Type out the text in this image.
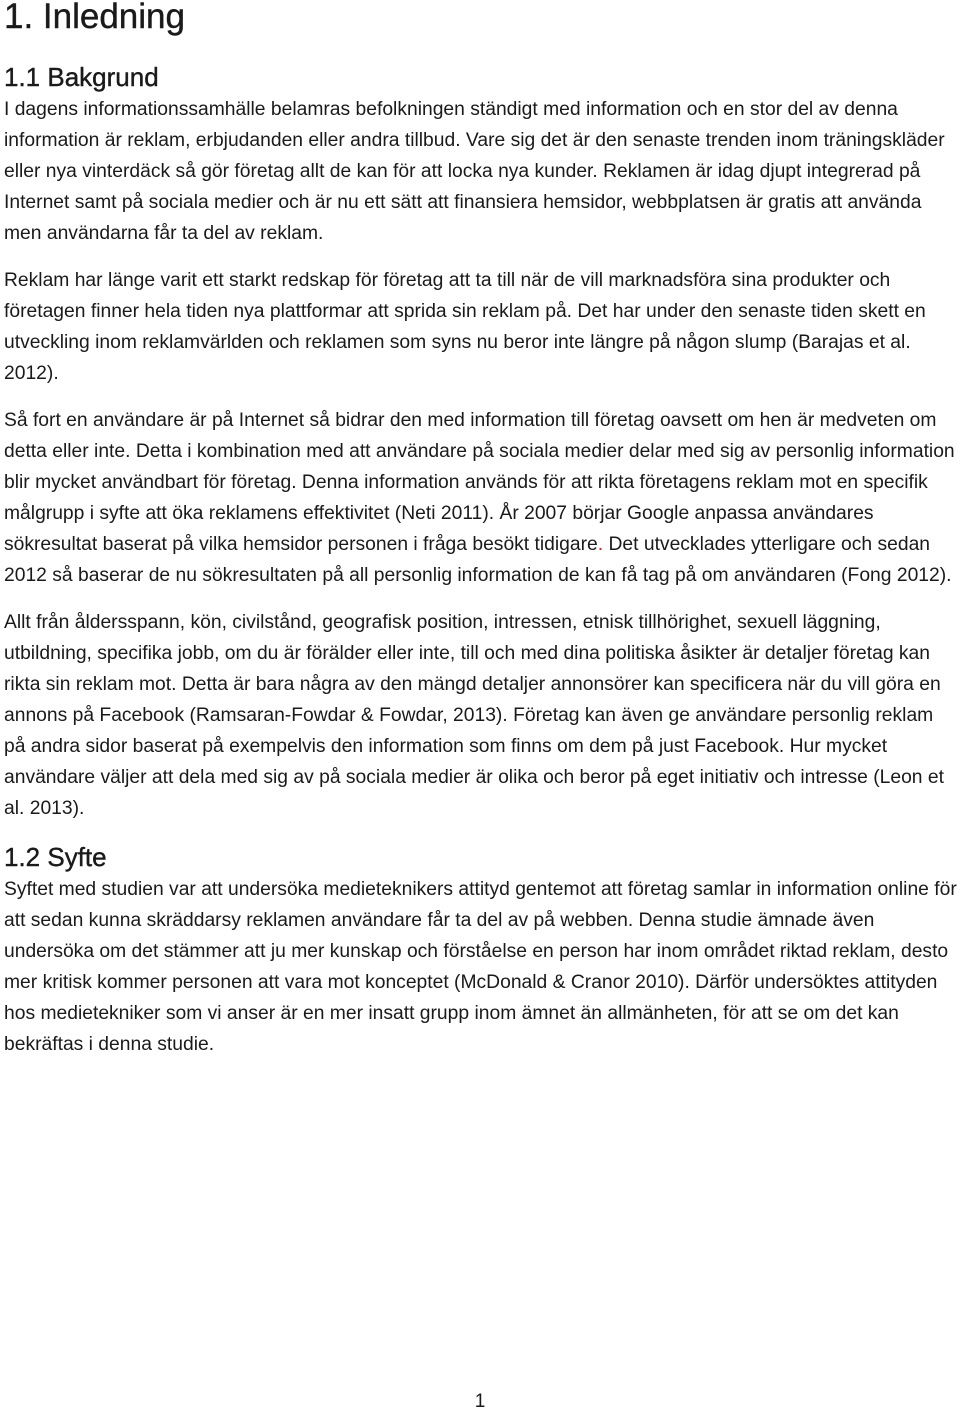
1. Inledning
1.1 Bakgrund

I dagens informationssamhälle belamras befolkningen ständigt med information och en stor del av denna information är reklam, erbjudanden eller andra tillbud. Vare sig det är den senaste trenden inom träningskläder eller nya vinterdäck så gör företag allt de kan för att locka nya kunder. Reklamen är idag djupt integrerad på Internet samt på sociala medier och är nu ett sätt att finansiera hemsidor, webbplatsen är gratis att använda men användarna får ta del av reklam.

Reklam har länge varit ett starkt redskap för företag att ta till när de vill marknadsföra sina produkter och företagen finner hela tiden nya plattformar att sprida sin reklam på. Det har under den senaste tiden skett en utveckling inom reklamvärlden och reklamen som syns nu beror inte längre på någon slump (Barajas et al. 2012).

Så fort en användare är på Internet så bidrar den med information till företag oavsett om hen är medveten om detta eller inte. Detta i kombination med att användare på sociala medier delar med sig av personlig information blir mycket användbart för företag. Denna information används för att rikta företagens reklam mot en specifik målgrupp i syfte att öka reklamens effektivitet (Neti 2011). År 2007 börjar Google anpassa användares sökresultat baserat på vilka hemsidor personen i fråga besökt tidigare. Det utvecklades ytterligare och sedan 2012 så baserar de nu sökresultaten på all personlig information de kan få tag på om användaren (Fong 2012).

Allt från åldersspann, kön, civilstånd, geografisk position, intressen, etnisk tillhörighet, sexuell läggning, utbildning, specifika jobb, om du är förälder eller inte, till och med dina politiska åsikter är detaljer företag kan rikta sin reklam mot. Detta är bara några av den mängd detaljer annonsörer kan specificera när du vill göra en annons på Facebook (Ramsaran-Fowdar & Fowdar, 2013). Företag kan även ge användare personlig reklam på andra sidor baserat på exempelvis den information som finns om dem på just Facebook. Hur mycket användare väljer att dela med sig av på sociala medier är olika och beror på eget initiativ och intresse (Leon et al. 2013).

1.2 Syfte

Syftet med studien var att undersöka medieteknikers attityd gentemot att företag samlar in information online för att sedan kunna skräddarsy reklamen användare får ta del av på webben. Denna studie ämnade även undersöka om det stämmer att ju mer kunskap och förståelse en person har inom området riktad reklam, desto mer kritisk kommer personen att vara mot konceptet (McDonald & Cranor 2010). Därför undersöktes attityden hos medietekniker som vi anser är en mer insatt grupp inom ämnet än allmänheten, för att se om det kan bekräftas i denna studie.

1
